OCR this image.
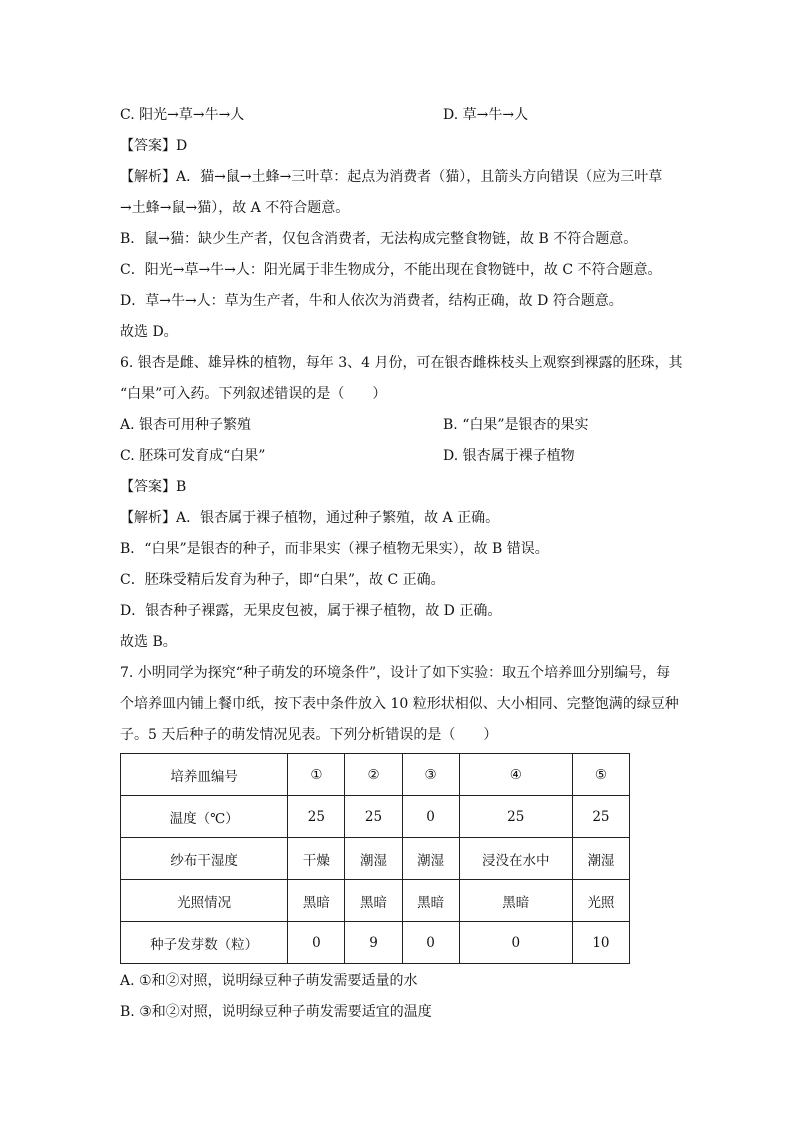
C. 阳光→草→牛→人	D. 草→牛→人
【答案】D
【解析】A．猫→鼠→土蜂→三叶草：起点为消费者（猫），且箭头方向错误（应为三叶草
→土蜂→鼠→猫），故 A 不符合题意。
B．鼠→猫：缺少生产者，仅包含消费者，无法构成完整食物链，故 B 不符合题意。
C．阳光→草→牛→人：阳光属于非生物成分，不能出现在食物链中，故 C 不符合题意。
D．草→牛→人：草为生产者，牛和人依次为消费者，结构正确，故 D 符合题意。
故选 D。
6. 银杏是雌、雄异株的植物，每年 3、4 月份，可在银杏雌株枝头上观察到裸露的胚珠，其
“白果”可入药。下列叙述错误的是（　　）
A. 银杏可用种子繁殖	B. “白果”是银杏的果实
C. 胚珠可发育成“白果”	D. 银杏属于裸子植物
【答案】B
【解析】A．银杏属于裸子植物，通过种子繁殖，故 A 正确。
B．“白果”是银杏的种子，而非果实（裸子植物无果实），故 B 错误。
C．胚珠受精后发育为种子，即“白果”，故 C 正确。
D．银杏种子裸露，无果皮包被，属于裸子植物，故 D 正确。
故选 B。
7. 小明同学为探究“种子萌发的环境条件”，设计了如下实验：取五个培养皿分别编号，每
个培养皿内铺上餐巾纸，按下表中条件放入 10 粒形状相似、大小相同、完整饱满的绿豆种
子。5 天后种子的萌发情况见表。下列分析错误的是（　　）
培养皿编号	①	②	③	④	⑤
温度（℃）	25	25	0	25	25
纱布干湿度	干燥	潮湿	潮湿	浸没在水中	潮湿
光照情况	黑暗	黑暗	黑暗	黑暗	光照
种子发芽数（粒）	0	9	0	0	10
A. ①和②对照，说明绿豆种子萌发需要适量的水
B. ③和②对照，说明绿豆种子萌发需要适宜的温度
